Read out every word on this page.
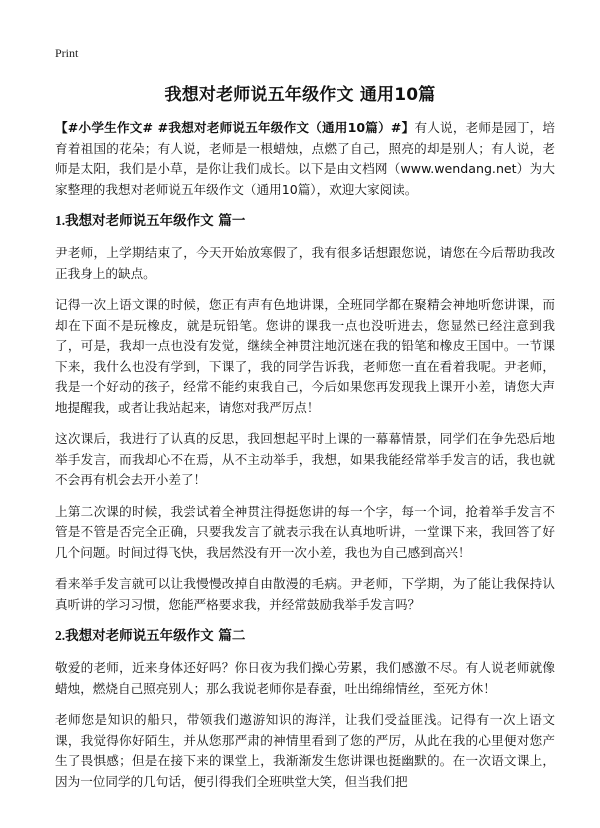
Print
我想对老师说五年级作文 通用10篇

【#小学生作文# #我想对老师说五年级作文（通用10篇）#】有人说，老师是园丁，培育着祖国的花朵；有人说，老师是一根蜡烛，点燃了自己，照亮的却是别人；有人说，老师是太阳，我们是小草，是你让我们成长。以下是由文档网（www.wendang.net）为大家整理的我想对老师说五年级作文（通用10篇），欢迎大家阅读。

1.我想对老师说五年级作文 篇一

尹老师，上学期结束了，今天开始放寒假了，我有很多话想跟您说，请您在今后帮助我改正我身上的缺点。

记得一次上语文课的时候，您正有声有色地讲课，全班同学都在聚精会神地听您讲课，而却在下面不是玩橡皮，就是玩铅笔。您讲的课我一点也没听进去，您显然已经注意到我了，可是，我却一点也没有发觉，继续全神贯注地沉迷在我的铅笔和橡皮王国中。一节课下来，我什么也没有学到，下课了，我的同学告诉我，老师您一直在看着我呢。尹老师，我是一个好动的孩子，经常不能约束我自己，今后如果您再发现我上课开小差，请您大声地提醒我，或者让我站起来，请您对我严厉点！

这次课后，我进行了认真的反思，我回想起平时上课的一幕幕情景，同学们在争先恐后地举手发言，而我却心不在焉，从不主动举手，我想，如果我能经常举手发言的话，我也就不会再有机会去开小差了！

上第二次课的时候，我尝试着全神贯注得挺您讲的每一个字，每一个词，抢着举手发言不管是不管是否完全正确，只要我发言了就表示我在认真地听讲，一堂课下来，我回答了好几个问题。时间过得飞快，我居然没有开一次小差，我也为自己感到高兴！

看来举手发言就可以让我慢慢改掉自由散漫的毛病。尹老师，下学期，为了能让我保持认真听讲的学习习惯，您能严格要求我，并经常鼓励我举手发言吗？

2.我想对老师说五年级作文 篇二

敬爱的老师，近来身体还好吗？你日夜为我们操心劳累，我们感激不尽。有人说老师就像蜡烛，燃烧自己照亮别人；那么我说老师你是春蚕，吐出绵绵情丝，至死方休！

老师您是知识的船只，带领我们遨游知识的海洋，让我们受益匪浅。记得有一次上语文课，我觉得你好陌生，并从您那严肃的神情里看到了您的严厉，从此在我的心里便对您产生了畏惧感；但是在接下来的课堂上，我渐渐发生您讲课也挺幽默的。在一次语文课上，因为一位同学的几句话，便引得我们全班哄堂大笑，但当我们把
